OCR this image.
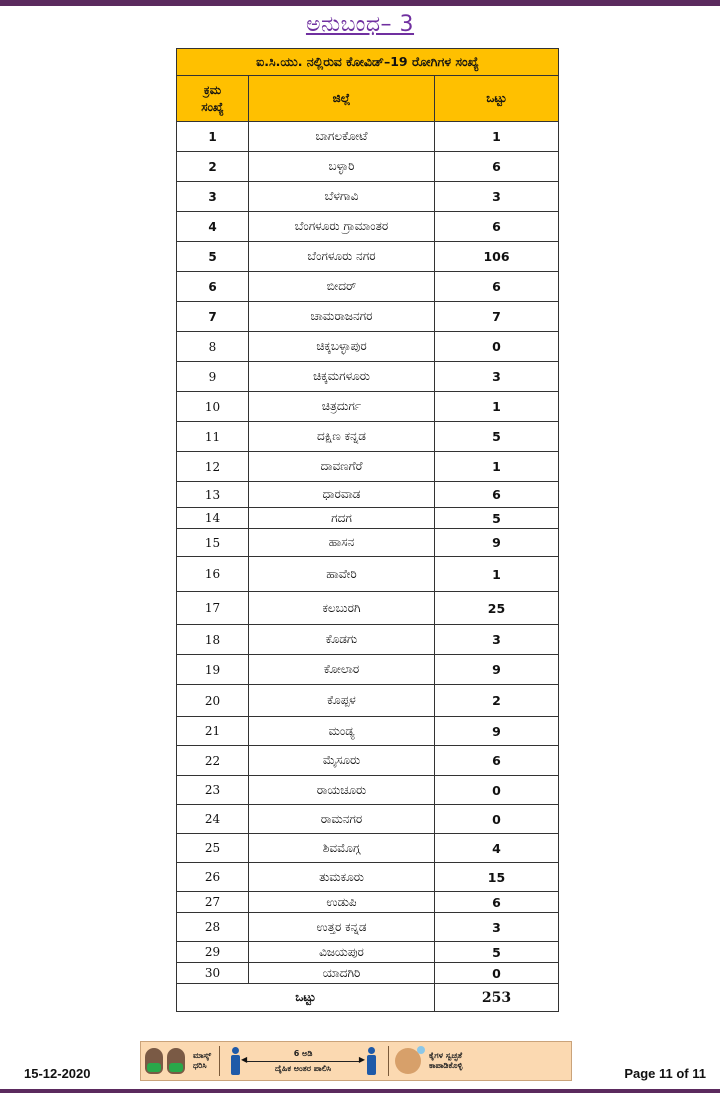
ಅನುಬಂಧ– 3
ಐ.ಸಿ.ಯು. ನಲ್ಲಿರುವ ಕೋವಿಡ್–19 ರೋಗಿಗಳ ಸಂಖ್ಯೆ		

ಕ್ರಮ
ಸಂಖ್ಯೆ	ಜಿಲ್ಲೆ	ಒಟ್ಟು
1	ಬಾಗಲಕೋಟೆ	1
2	ಬಳ್ಳಾರಿ	6
3	ಬೆಳಗಾವಿ	3
4	ಬೆಂಗಳೂರು ಗ್ರಾಮಾಂತರ	6
5	ಬೆಂಗಳೂರು ನಗರ	106
6	ಬೀದರ್	6
7	ಚಾಮರಾಜನಗರ	7
8	ಚಿಕ್ಕಬಳ್ಳಾಪುರ	0
9	ಚಿಕ್ಕಮಗಳೂರು	3
10	ಚಿತ್ರದುರ್ಗ	1
11	ದಕ್ಷಿಣ ಕನ್ನಡ	5
12	ದಾವಣಗೆರೆ	1
13	ಧಾರವಾಡ	6
14	ಗದಗ	5
15	ಹಾಸನ	9
16	ಹಾವೇರಿ	1
17	ಕಲಬುರಗಿ	25
18	ಕೊಡಗು	3
19	ಕೋಲಾರ	9
20	ಕೊಪ್ಪಳ	2
21	ಮಂಡ್ಯ	9
22	ಮೈಸೂರು	6
23	ರಾಯಚೂರು	0
24	ರಾಮನಗರ	0
25	ಶಿವಮೊಗ್ಗ	4
26	ತುಮಕೂರು	15
27	ಉಡುಪಿ	6
28	ಉತ್ತರ ಕನ್ನಡ	3
29	ವಿಜಯಪುರ	5
30	ಯಾದಗಿರಿ	0
ಒಟ್ಟು		253
15-12-2020
ಮಾಸ್ಕ್
ಧರಿಸಿ
6 ಅಡಿ
◀ ▶
ದೈಹಿಕ ಅಂತರ ಪಾಲಿಸಿ
ಕೈಗಳ ಸ್ವಚ್ಛತೆ
ಕಾಪಾಡಿಕೊಳ್ಳಿ
Page 11 of 11
